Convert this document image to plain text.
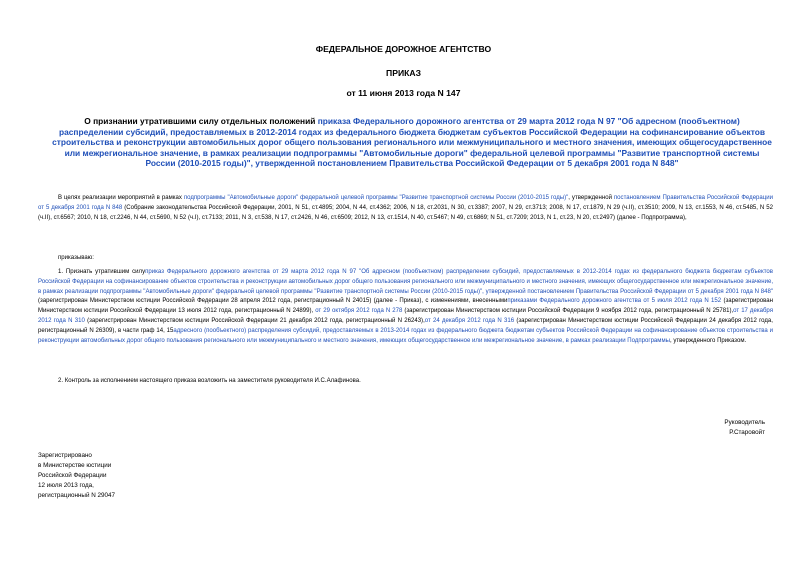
ФЕДЕРАЛЬНОЕ ДОРОЖНОЕ АГЕНТСТВО
ПРИКАЗ
от 11 июня 2013 года N 147
О признании утратившими силу отдельных положений приказа Федерального дорожного агентства от 29 марта 2012 года N 97 "Об адресном (пообъектном) распределении субсидий, предоставляемых в 2012-2014 годах из федерального бюджета бюджетам субъектов Российской Федерации на софинансирование объектов строительства и реконструкции автомобильных дорог общего пользования регионального или межмуниципального и местного значения, имеющих общегосударственное или межрегиональное значение, в рамках реализации подпрограммы "Автомобильные дороги" федеральной целевой программы "Развитие транспортной системы России (2010-2015 годы)", утвержденной постановлением Правительства Российской Федерации от 5 декабря 2001 года N 848"
В целях реализации мероприятий в рамках подпрограммы "Автомобильные дороги" федеральной целевой программы "Развитие транспортной системы России (2010-2015 годы)", утвержденной постановлением Правительства Российской Федерации от 5 декабря 2001 года N 848 (Собрание законодательства Российской Федерации, 2001, N 51, ст.4895; 2004, N 44, ст.4362; 2006, N 18, ст.2031, N 30, ст.3387; 2007, N 29, ст.3713; 2008, N 17, ст.1879, N 29 (ч.II), ст.3510; 2009, N 13, ст.1553, N 46, ст.5485, N 52 (ч.II), ст.6567; 2010, N 18, ст.2246, N 44, ст.5690, N 52 (ч.I), ст.7133; 2011, N 3, ст.538, N 17, ст.2426, N 46, ст.6509; 2012, N 13, ст.1514, N 40, ст.5467; N 49, ст.6869; N 51, ст.7209; 2013, N 1, ст.23, N 20, ст.2497) (далее - Подпрограмма),
приказываю:
1. Признать утратившим силуприказ Федерального дорожного агентства от 29 марта 2012 года N 97 "Об адресном (пообъектном) распределении субсидий, предоставляемых в 2012-2014 годах из федерального бюджета бюджетам субъектов Российской Федерации на софинансирование объектов строительства и реконструкции автомобильных дорог общего пользования регионального или межмуниципального и местного значения, имеющих общегосударственное или межрегиональное значение, в рамках реализации подпрограммы "Автомобильные дороги" федеральной целевой программы "Развитие транспортной системы России (2010-2015 годы)", утвержденной постановлением Правительства Российской Федерации от 5 декабря 2001 года N 848" (зарегистрирован Министерством юстиции Российской Федерации 28 апреля 2012 года, регистрационный N 24015) (далее - Приказ), с изменениями, внесеннымиприказами Федерального дорожного агентства от 5 июля 2012 года N 152 (зарегистрирован Министерством юстиции Российской Федерации 13 июля 2012 года, регистрационный N 24899), от 29 октября 2012 года N 278 (зарегистрирован Министерством юстиции Российской Федерации 9 ноября 2012 года, регистрационный N 25781),от 17 декабря 2012 года N 310 (зарегистрирован Министерством юстиции Российской Федерации 21 декабря 2012 года, регистрационный N 26243),от 24 декабря 2012 года N 316 (зарегистрирован Министерством юстиции Российской Федерации 24 декабря 2012 года, регистрационный N 26309), в части граф 14, 15адресного (пообъектного) распределения субсидий, предоставляемых в 2013-2014 годах из федерального бюджета бюджетам субъектов Российской Федерации на софинансирование объектов строительства и реконструкции автомобильных дорог общего пользования регионального или межмуниципального и местного значения, имеющих общегосударственное или межрегиональное значение, в рамках реализации Подпрограммы, утвержденного Приказом.
2. Контроль за исполнением настоящего приказа возложить на заместителя руководителя И.С.Алафинова.
Руководитель
Р.Старовойт
Зарегистрировано
в Министерстве юстиции
Российской Федерации
12 июля 2013 года,
регистрационный N 29047
